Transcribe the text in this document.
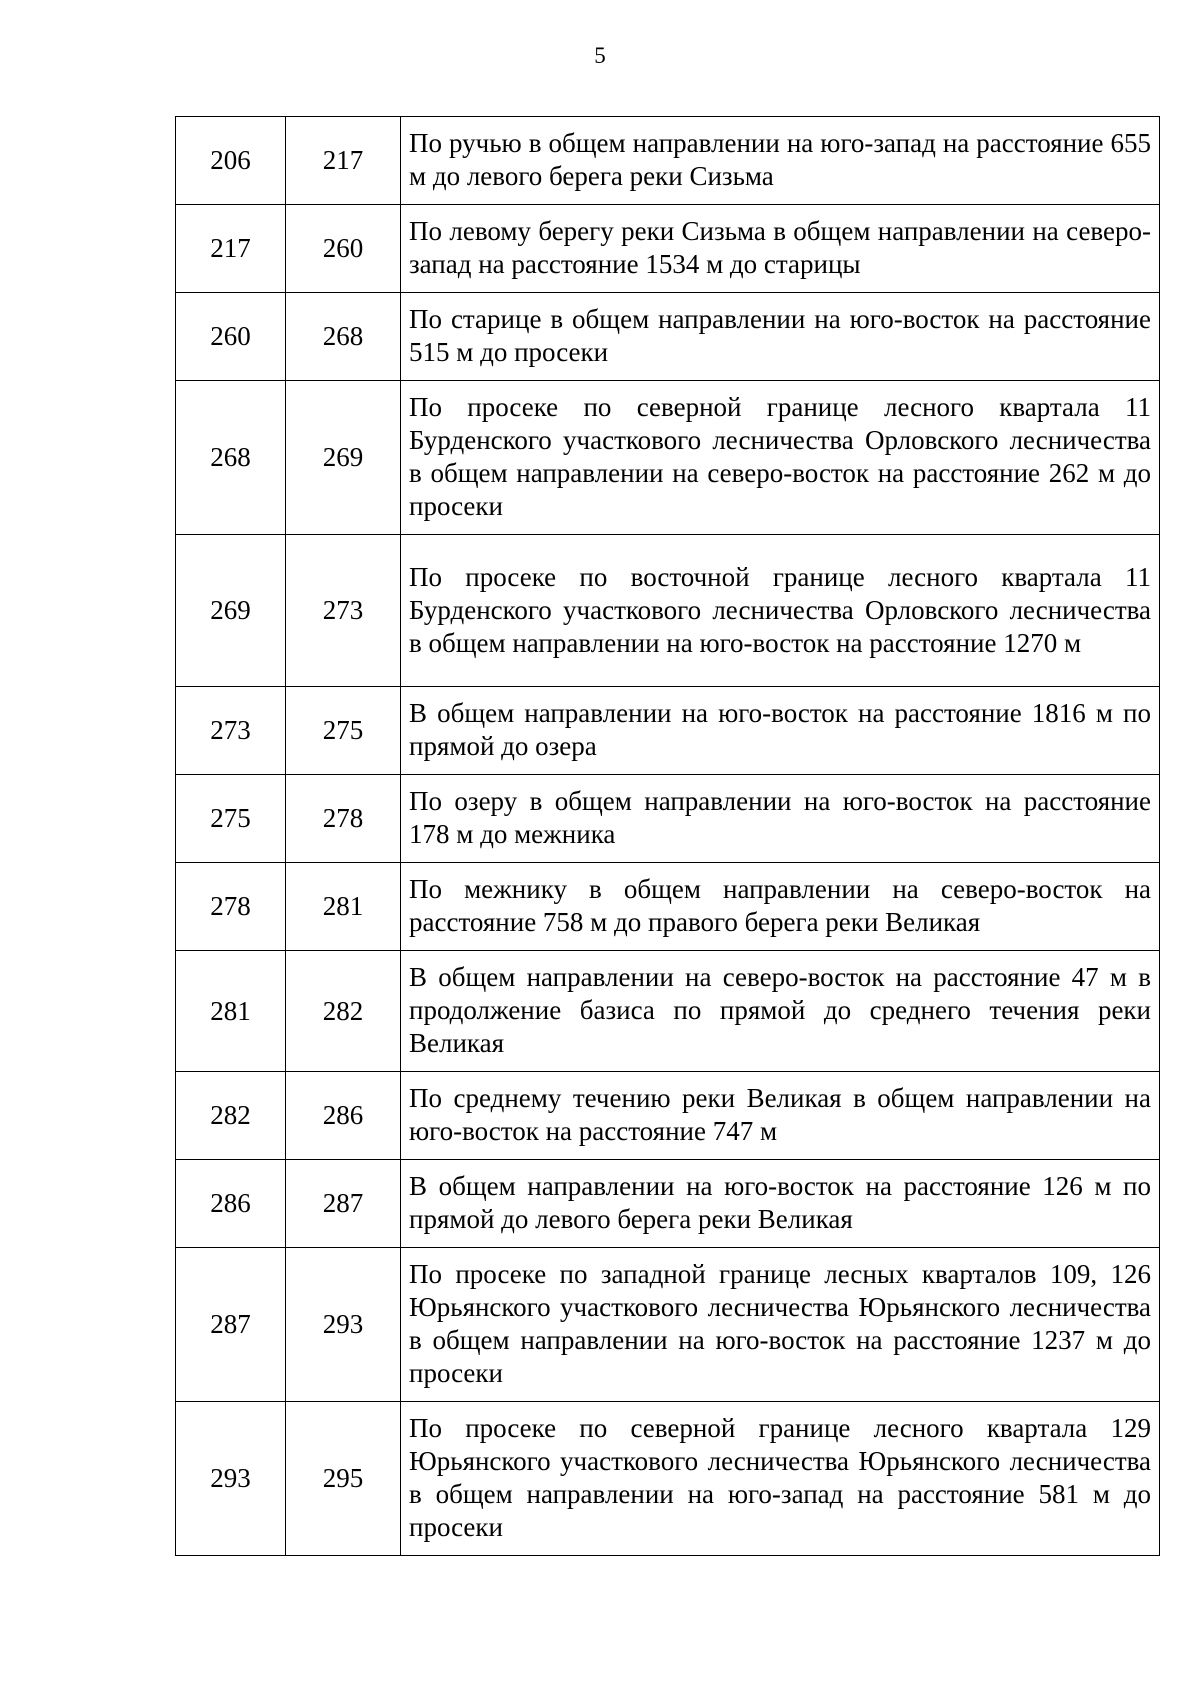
5
206	217	По ручью в общем направлении на юго-запад на расстояние 655 м до левого берега реки Сизьма
217	260	По левому берегу реки Сизьма в общем направлении на северо-запад на расстояние 1534 м до старицы
260	268	По старице в общем направлении на юго-восток на расстояние 515 м до просеки
268	269	По просеке по северной границе лесного квартала 11 Бурденского участкового лесничества Орловского лесничества в общем направлении на северо-восток на расстояние 262 м до просеки
269	273	По просеке по восточной границе лесного квартала 11 Бурденского участкового лесничества Орловского лесничества в общем направлении на юго-восток на расстояние 1270 м
273	275	В общем направлении на юго-восток на расстояние 1816 м по прямой до озера
275	278	По озеру в общем направлении на юго-восток на расстояние 178 м до межника
278	281	По межнику в общем направлении на северо-восток на расстояние 758 м до правого берега реки Великая
281	282	В общем направлении на северо-восток на расстояние 47 м в продолжение базиса по прямой до среднего течения реки Великая
282	286	По среднему течению реки Великая в общем направлении на юго-восток на расстояние 747 м
286	287	В общем направлении на юго-восток на расстояние 126 м по прямой до левого берега реки Великая
287	293	По просеке по западной границе лесных кварталов 109, 126 Юрьянского участкового лесничества Юрьянского лесничества в общем направлении на юго-восток на расстояние 1237 м до просеки
293	295	По просеке по северной границе лесного квартала 129 Юрьянского участкового лесничества Юрьянского лесничества в общем направлении на юго-запад на расстояние 581 м до просеки
